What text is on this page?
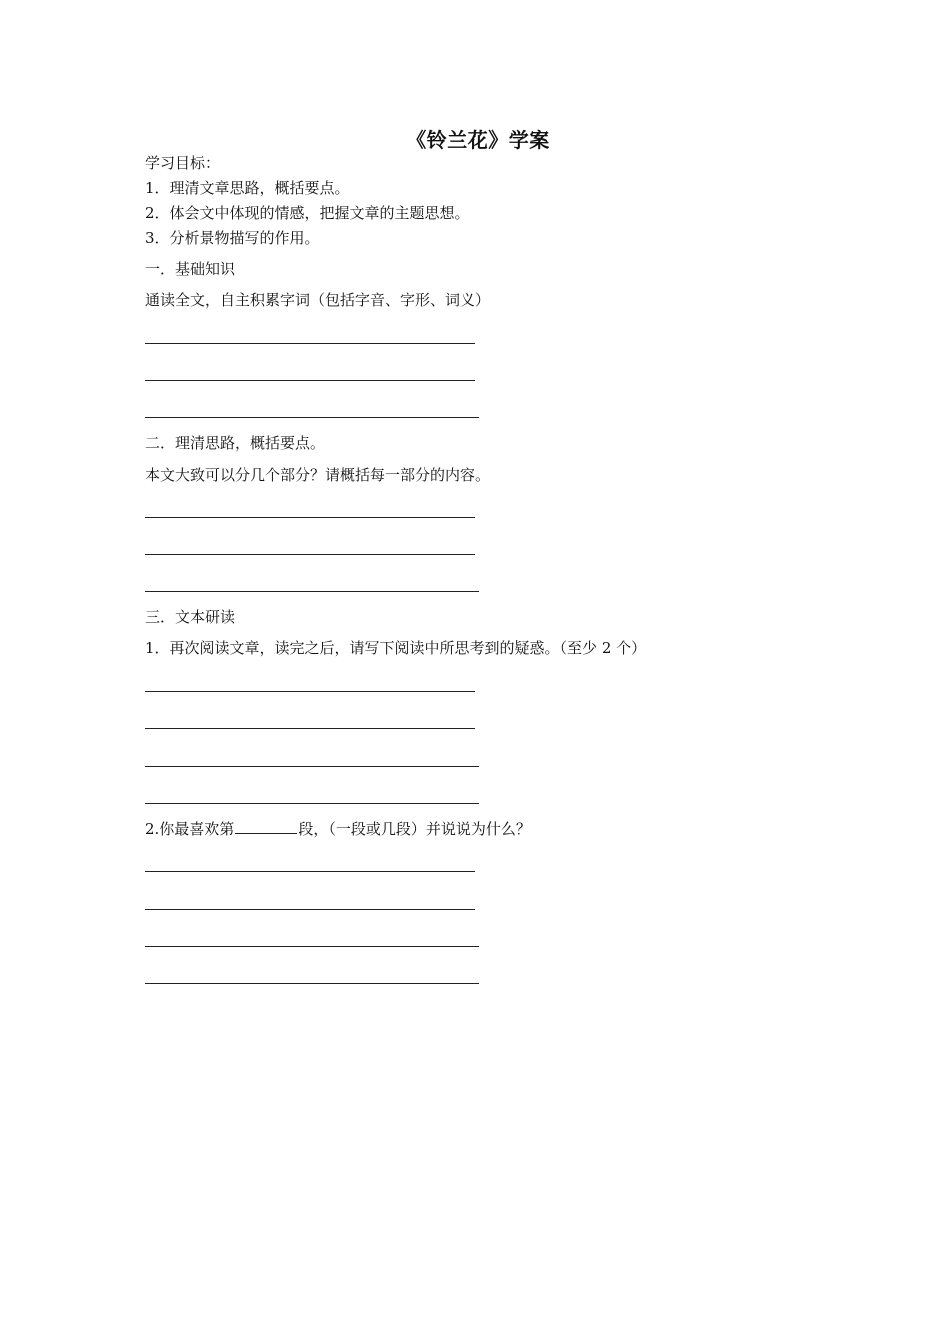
《铃兰花》学案
学习目标：
1．理清文章思路，概括要点。
2．体会文中体现的情感，把握文章的主题思想。
3．分析景物描写的作用。
一．基础知识
通读全文，自主积累字词（包括字音、字形、词义）
二．理清思路，概括要点。
本文大致可以分几个部分？请概括每一部分的内容。
三．文本研读
1．再次阅读文章，读完之后，请写下阅读中所思考到的疑惑。（至少 2 个）
2.你最喜欢第	段，（一段或几段）并说说为什么？
